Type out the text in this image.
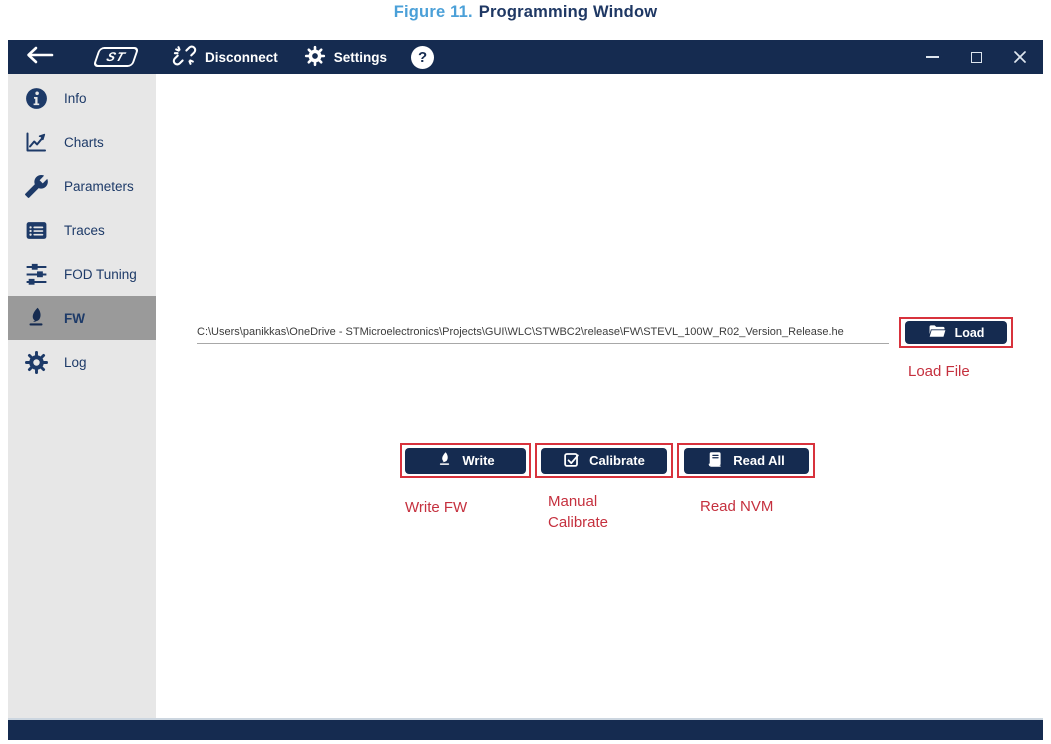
Figure 11. Programming Window
ST	Disconnect	Settings ?
Info
Charts
Parameters
Traces
FOD Tuning
FW
Log
C:\Users\panikkas\OneDrive - STMicroelectronics\Projects\GUI\WLC\STWBC2\release\FW\STEVL_100W_R02_Version_Release.he	Load
Load File
Write	Calibrate	Read All
Write FW	Manual
Calibrate
Read NVM
